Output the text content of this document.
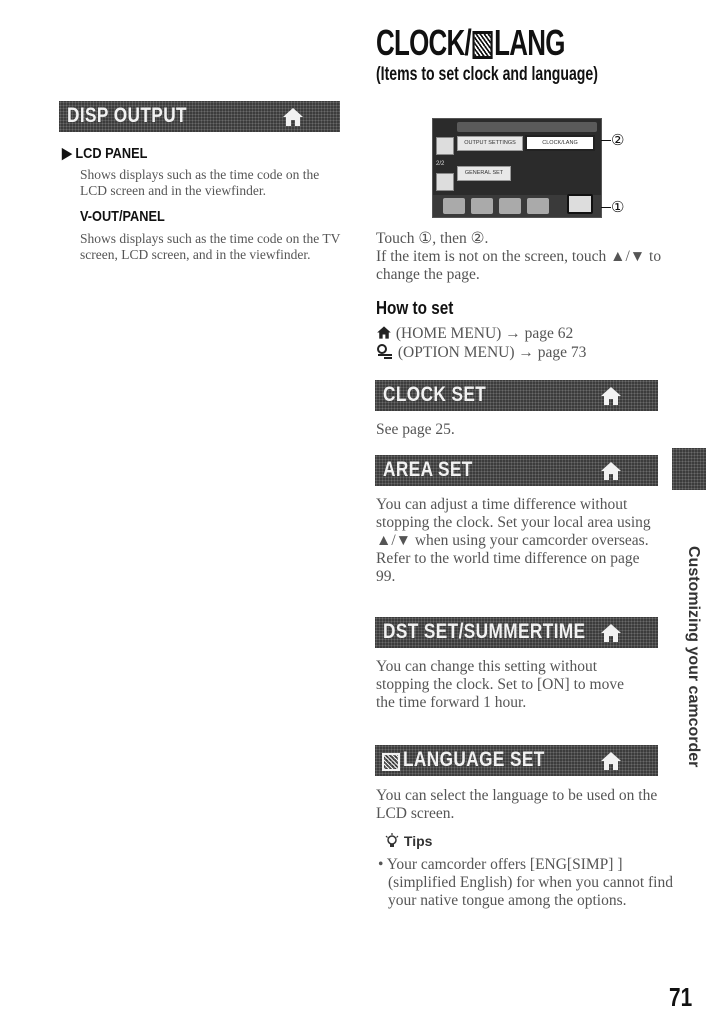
CLOCK/ LANG
(Items to set clock and language)
DISP OUTPUT
▶ LCD PANEL
Shows displays such as the time code on the LCD screen and in the viewfinder.
V-OUT/PANEL
Shows displays such as the time code on the TV screen, LCD screen, and in the viewfinder.
OUTPUT SETTINGS	CLOCK/LANG
GENERAL SET
2/2
②
①
Touch ①, then ②.
If the item is not on the screen, touch ▲/▼ to change the page.
How to set
(HOME MENU) → page 62
(OPTION MENU) → page 73
CLOCK SET
See page 25.
AREA SET
You can adjust a time difference without stopping the clock. Set your local area using ▲/▼ when using your camcorder overseas. Refer to the world time difference on page 99.
DST SET/SUMMERTIME
You can change this setting without stopping the clock. Set to [ON] to move the time forward 1 hour.
LANGUAGE SET
You can select the language to be used on the LCD screen.
Tips
• Your camcorder offers [ENG[SIMP] ] (simplified English) for when you cannot find your native tongue among the options.
Customizing your camcorder
71
